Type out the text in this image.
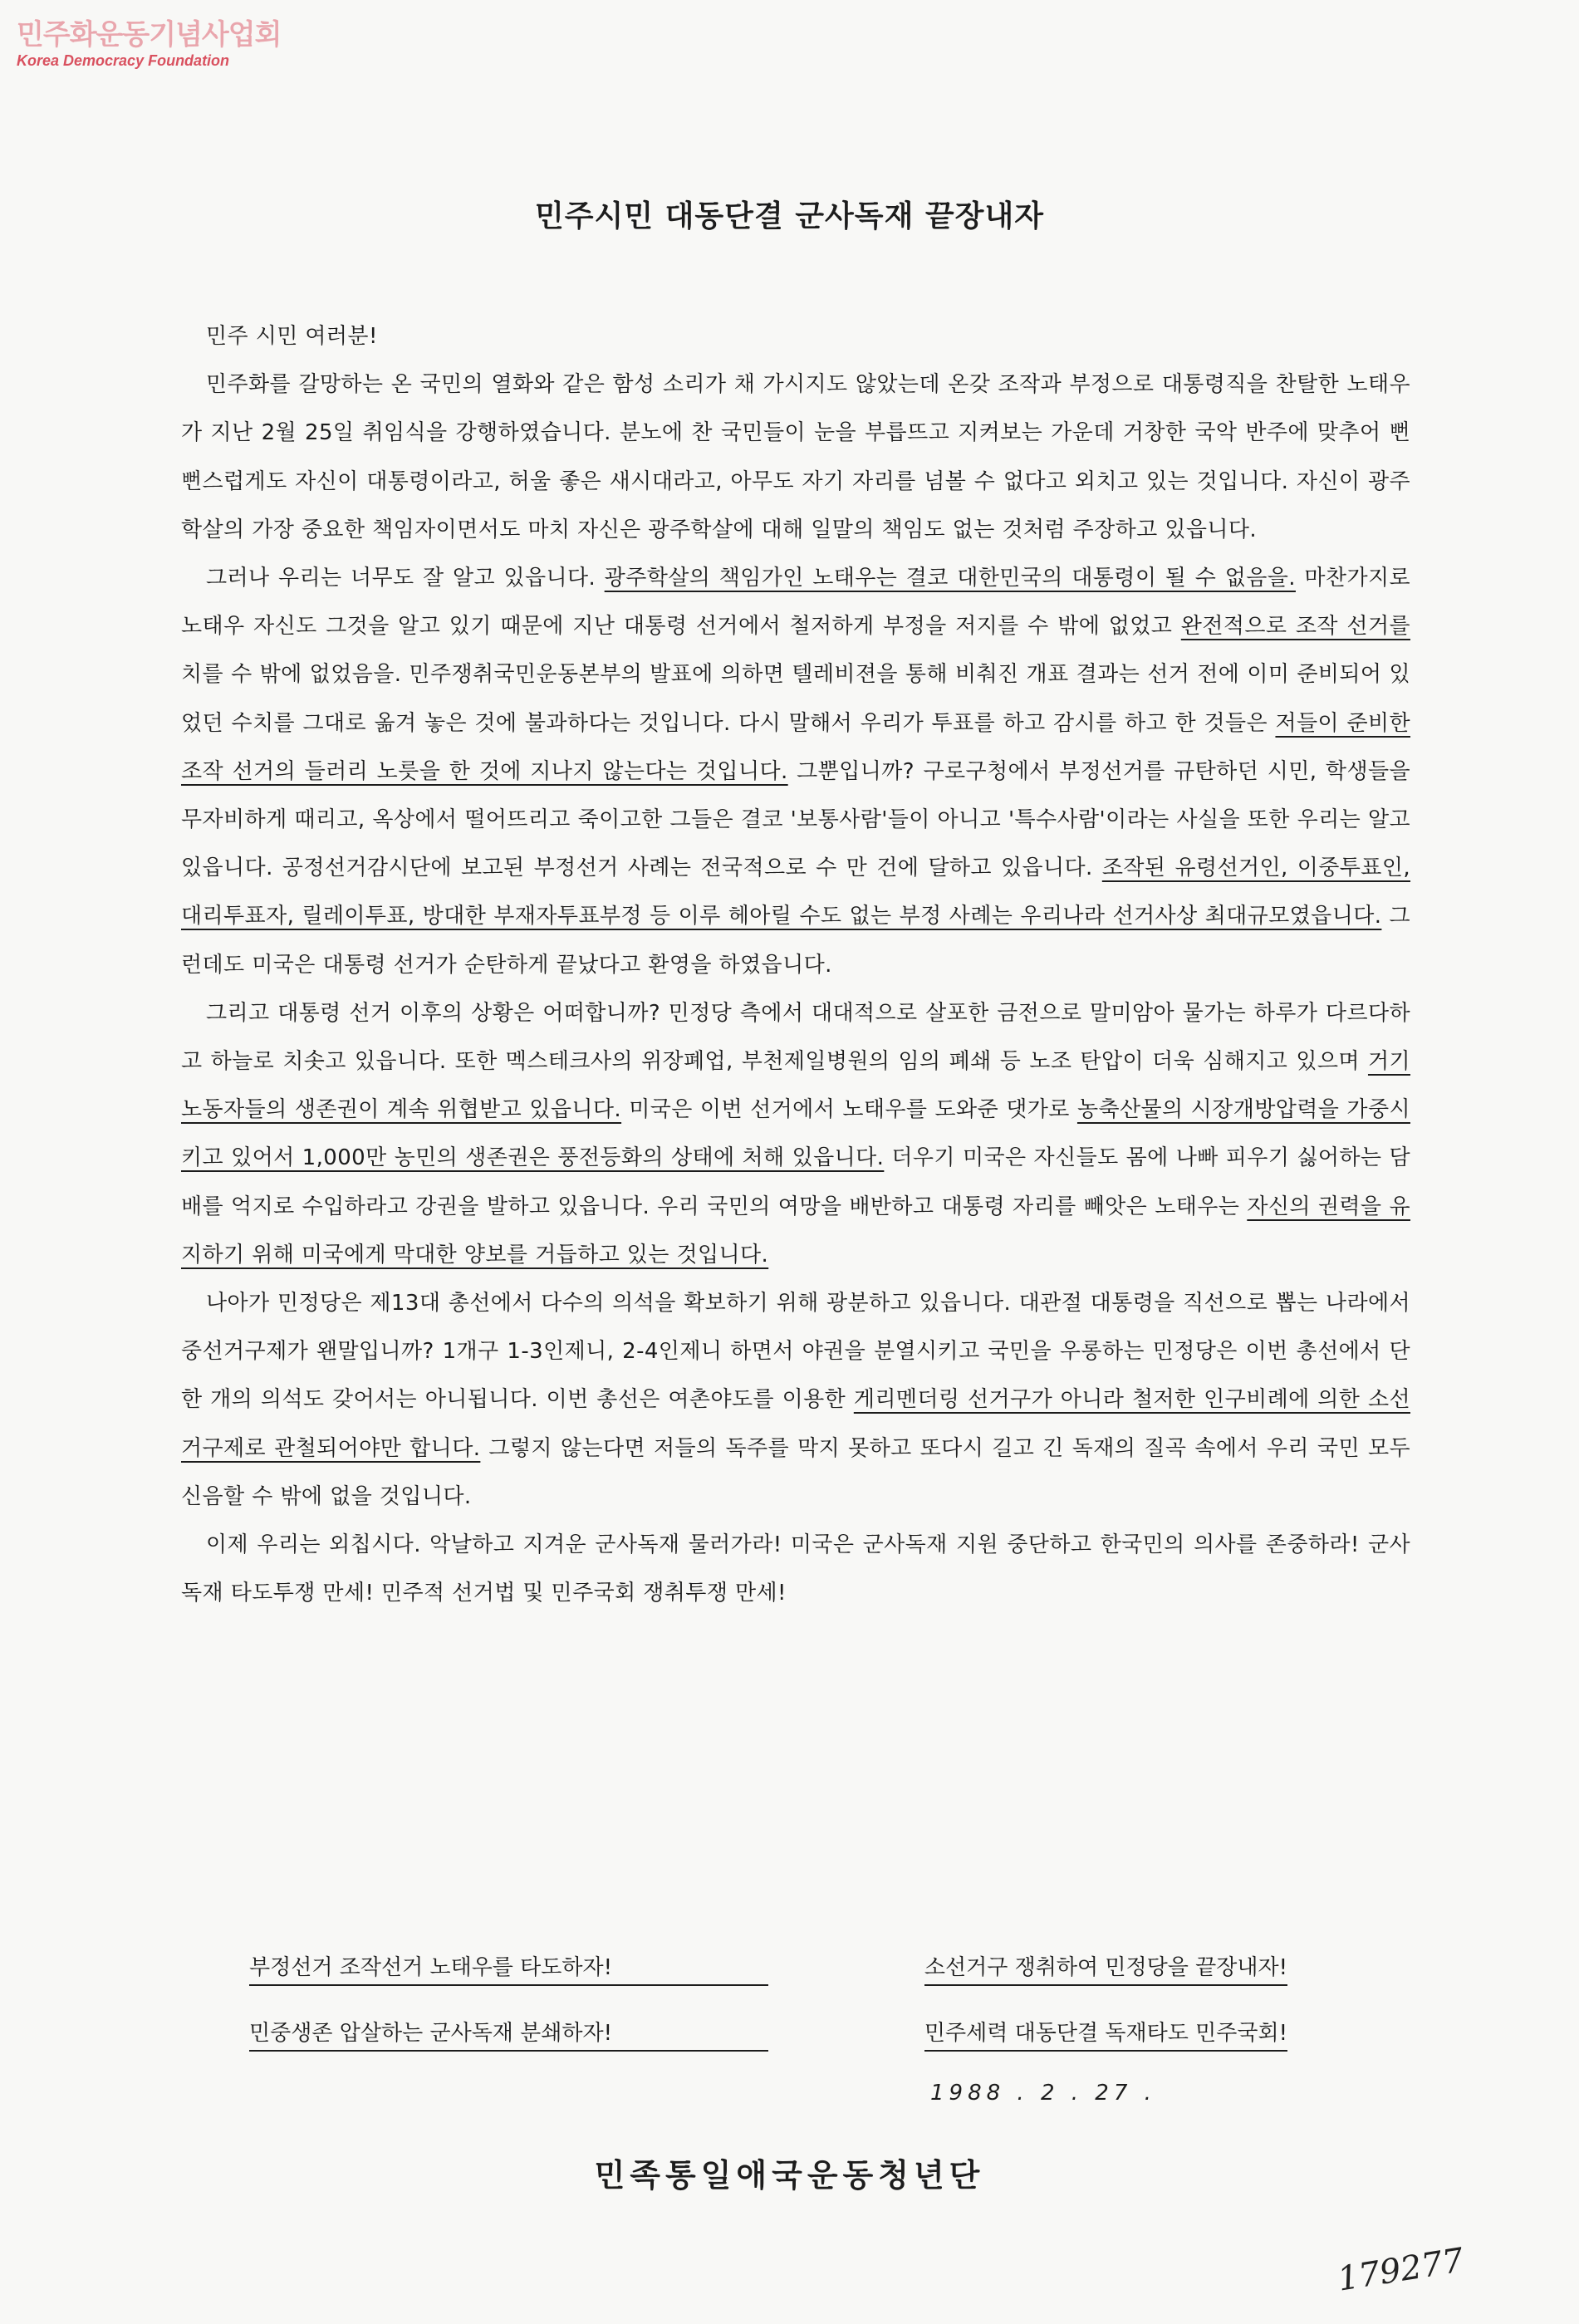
민주화운동기념사업회
Korea Democracy Foundation
민주시민 대동단결 군사독재 끝장내자
민주 시민 여러분!
민주화를 갈망하는 온 국민의 열화와 같은 함성 소리가 채 가시지도 않았는데 온갖 조작과 부정으로 대통령직을 찬탈한 노태우가 지난 2월 25일 취임식을 강행하였습니다. 분노에 찬 국민들이 눈을 부릅뜨고 지켜보는 가운데 거창한 국악 반주에 맞추어 뻔뻔스럽게도 자신이 대통령이라고, 허울 좋은 새시대라고, 아무도 자기 자리를 넘볼 수 없다고 외치고 있는 것입니다. 자신이 광주학살의 가장 중요한 책임자이면서도 마치 자신은 광주학살에 대해 일말의 책임도 없는 것처럼 주장하고 있읍니다.
그러나 우리는 너무도 잘 알고 있읍니다. 광주학살의 책임가인 노태우는 결코 대한민국의 대통령이 될 수 없음을. 마찬가지로 노태우 자신도 그것을 알고 있기 때문에 지난 대통령 선거에서 철저하게 부정을 저지를 수 밖에 없었고 완전적으로 조작 선거를 치를 수 밖에 없었음을. 민주쟁취국민운동본부의 발표에 의하면 텔레비젼을 통해 비춰진 개표 결과는 선거 전에 이미 준비되어 있었던 수치를 그대로 옮겨 놓은 것에 불과하다는 것입니다. 다시 말해서 우리가 투표를 하고 감시를 하고 한 것들은 저들이 준비한 조작 선거의 들러리 노릇을 한 것에 지나지 않는다는 것입니다. 그뿐입니까? 구로구청에서 부정선거를 규탄하던 시민, 학생들을 무자비하게 때리고, 옥상에서 떨어뜨리고 죽이고한 그들은 결코 '보통사람'들이 아니고 '특수사람'이라는 사실을 또한 우리는 알고 있읍니다. 공정선거감시단에 보고된 부정선거 사례는 전국적으로 수 만 건에 달하고 있읍니다. 조작된 유령선거인, 이중투표인, 대리투표자, 릴레이투표, 방대한 부재자투표부정 등 이루 헤아릴 수도 없는 부정 사례는 우리나라 선거사상 최대규모였읍니다. 그런데도 미국은 대통령 선거가 순탄하게 끝났다고 환영을 하였읍니다.
그리고 대통령 선거 이후의 상황은 어떠합니까? 민정당 측에서 대대적으로 살포한 금전으로 말미암아 물가는 하루가 다르다하고 하늘로 치솟고 있읍니다. 또한 멕스테크사의 위장폐업, 부천제일병원의 임의 폐쇄 등 노조 탄압이 더욱 심해지고 있으며 거기 노동자들의 생존권이 계속 위협받고 있읍니다. 미국은 이번 선거에서 노태우를 도와준 댓가로 농축산물의 시장개방압력을 가중시키고 있어서 1,000만 농민의 생존권은 풍전등화의 상태에 처해 있읍니다. 더우기 미국은 자신들도 몸에 나빠 피우기 싫어하는 담배를 억지로 수입하라고 강권을 발하고 있읍니다. 우리 국민의 여망을 배반하고 대통령 자리를 빼앗은 노태우는 자신의 권력을 유지하기 위해 미국에게 막대한 양보를 거듭하고 있는 것입니다.
나아가 민정당은 제13대 총선에서 다수의 의석을 확보하기 위해 광분하고 있읍니다. 대관절 대통령을 직선으로 뽑는 나라에서 중선거구제가 왠말입니까? 1개구 1-3인제니, 2-4인제니 하면서 야권을 분열시키고 국민을 우롱하는 민정당은 이번 총선에서 단 한 개의 의석도 갖어서는 아니됩니다. 이번 총선은 여촌야도를 이용한 게리멘더링 선거구가 아니라 철저한 인구비례에 의한 소선거구제로 관철되어야만 합니다. 그렇지 않는다면 저들의 독주를 막지 못하고 또다시 길고 긴 독재의 질곡 속에서 우리 국민 모두 신음할 수 밖에 없을 것입니다.
이제 우리는 외칩시다. 악날하고 지겨운 군사독재 물러가라! 미국은 군사독재 지원 중단하고 한국민의 의사를 존중하라! 군사독재 타도투쟁 만세! 민주적 선거법 및 민주국회 쟁취투쟁 만세!
부정선거 조작선거 노태우를 타도하자!	소선거구 쟁취하여 민정당을 끝장내자!
민중생존 압살하는 군사독재 분쇄하자!	민주세력 대동단결 독재타도 민주국회!
1988 . 2 . 27 .
민족통일애국운동청년단
179277
